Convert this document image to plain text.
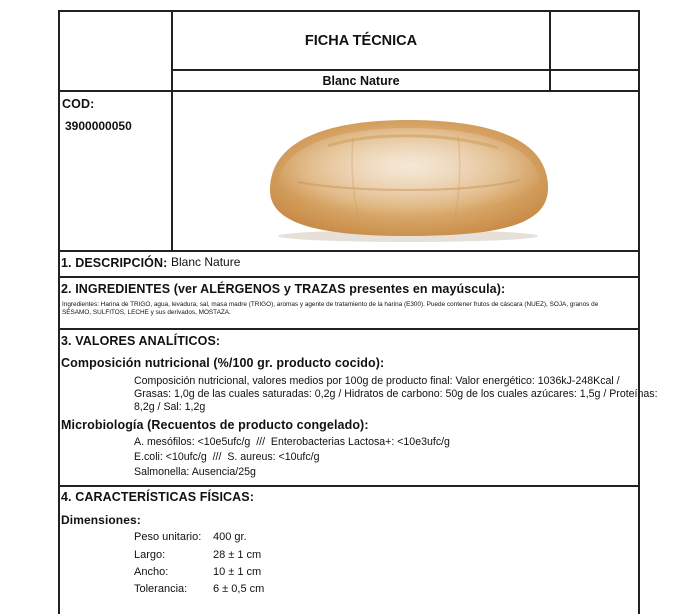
FICHA TÉCNICA
Blanc Nature
COD:
3900000050
1. DESCRIPCIÓN: Blanc Nature
2. INGREDIENTES (ver ALÉRGENOS y TRAZAS presentes en mayúscula):
Ingredientes: Harina de TRIGO, agua, levadura, sal, masa madre (TRIGO), aromas y agente de tratamiento de la harina (E300). Puede contener frutos de cáscara (NUEZ), SOJA, granos de
SÉSAMO, SULFITOS, LECHE y sus derivados, MOSTAZA.
3. VALORES ANALÍTICOS:
Composición nutricional (%/100 gr. producto cocido):
Composición nutricional, valores medios por 100g de producto final: Valor energético: 1036kJ-248Kcal /
Grasas: 1,0g de las cuales saturadas: 0,2g / Hidratos de carbono: 50g de los cuales azúcares: 1,5g / Proteínas:
8,2g / Sal: 1,2g
Microbiología (Recuentos de producto congelado):
A. mesófilos: <10e5ufc/g  ///  Enterobacterias Lactosa+: <10e3ufc/g
E.coli: <10ufc/g  ///  S. aureus: <10ufc/g
Salmonella: Ausencia/25g
4. CARACTERÍSTICAS FÍSICAS:
Dimensiones:
Peso unitario: 400 gr.
Largo:	28 ± 1 cm
Ancho:	10 ± 1 cm
Tolerancia: 6 ± 0,5 cm
